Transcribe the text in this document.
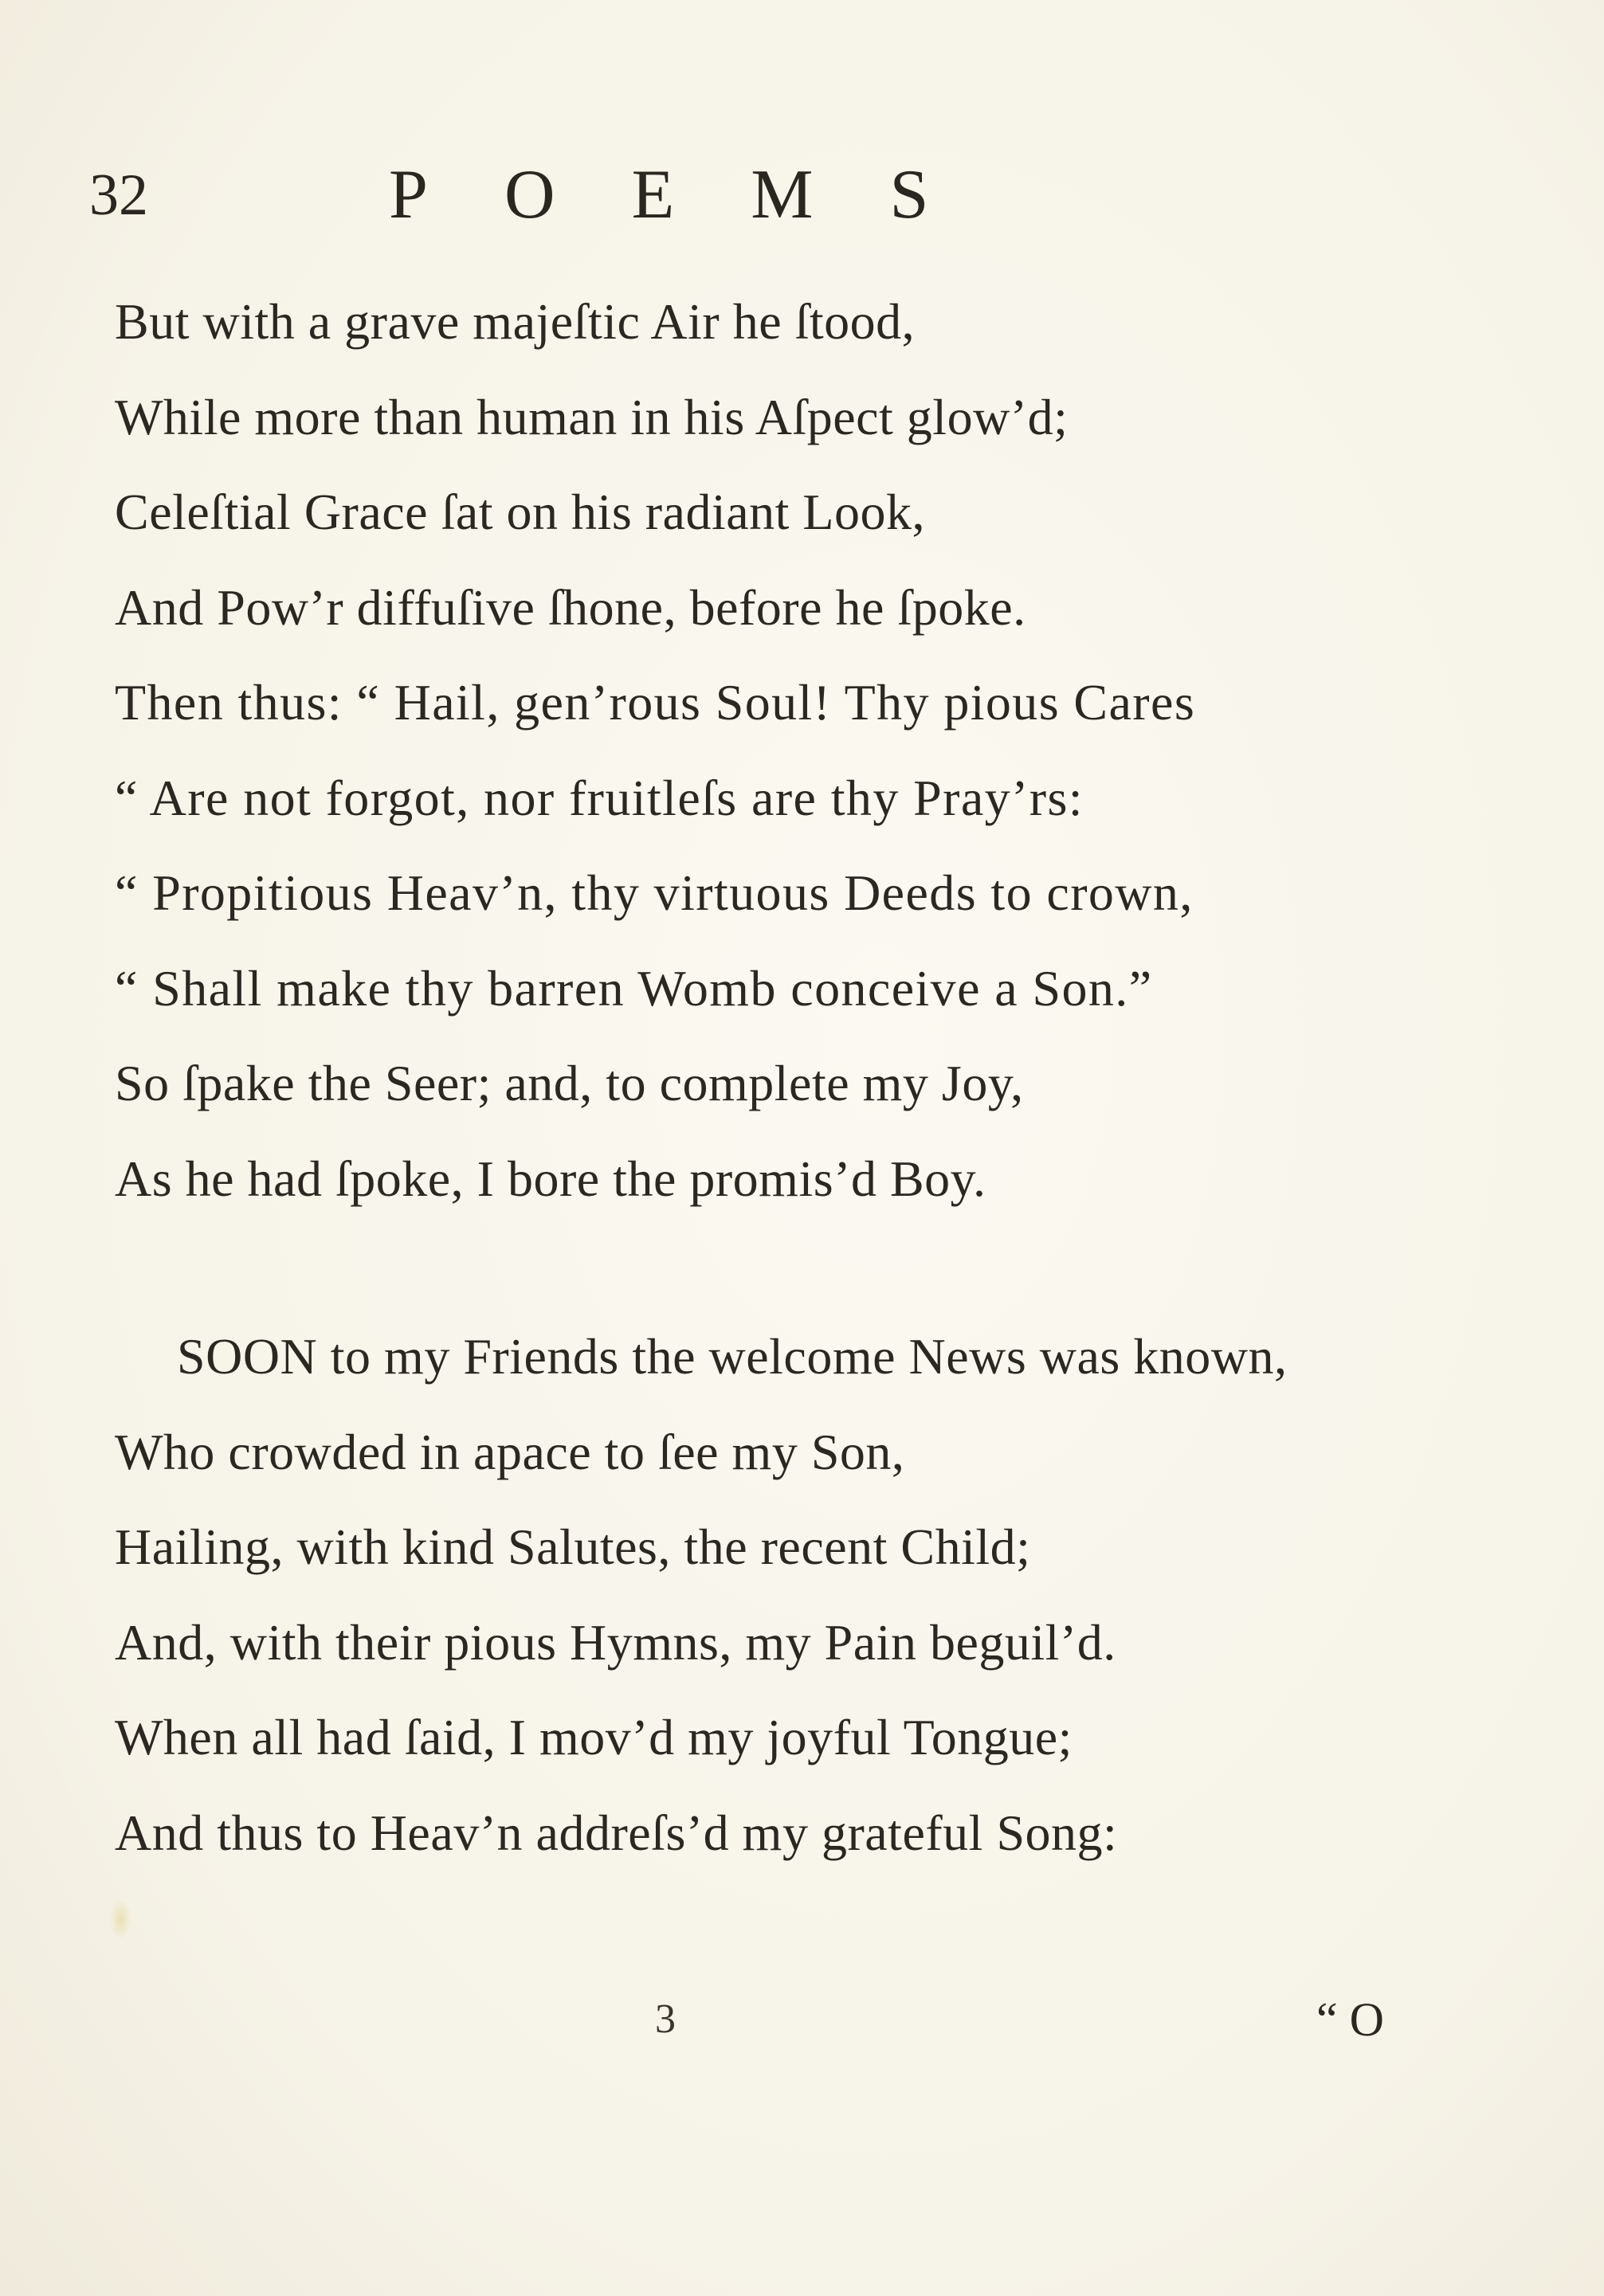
32	POEMS
But with a grave majeſtic Air he ſtood,
While more than human in his Aſpect glow’d;
Celeſtial Grace ſat on his radiant Look,
And Pow’r diffuſive ſhone, before he ſpoke.
Then thus: “ Hail, gen’rous Soul! Thy pious Cares
“ Are not forgot, nor fruitleſs are thy Pray’rs:
“ Propitious Heav’n, thy virtuous Deeds to crown,
“ Shall make thy barren Womb conceive a Son.”
So ſpake the Seer; and, to complete my Joy,
As he had ſpoke, I bore the promis’d Boy.
SOON to my Friends the welcome News was known,
Who crowded in apace to ſee my Son,
Hailing, with kind Salutes, the recent Child;
And, with their pious Hymns, my Pain beguil’d.
When all had ſaid, I mov’d my joyful Tongue;
And thus to Heav’n addreſs’d my grateful Song:
3	“ O
